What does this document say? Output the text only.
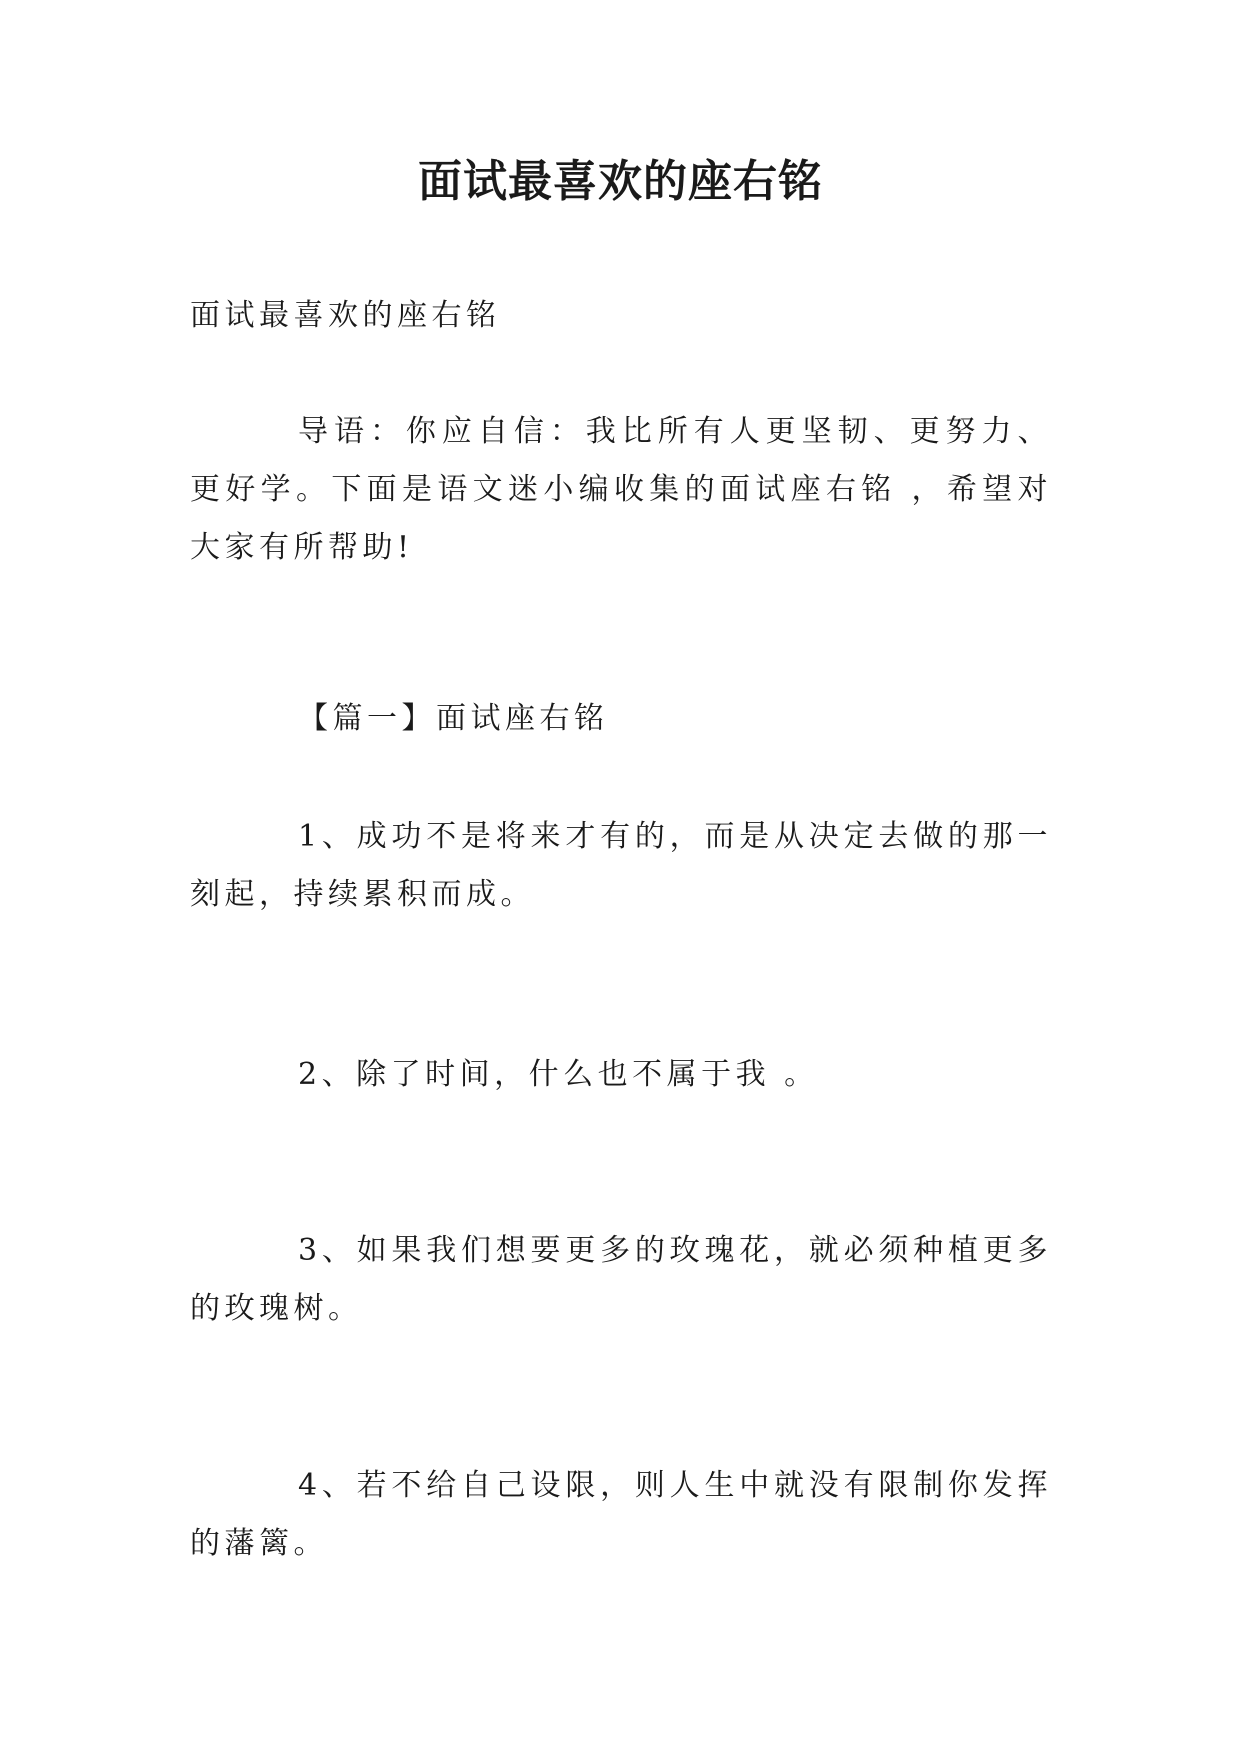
面试最喜欢的座右铭

面试最喜欢的座右铭

导语：你应自信：我比所有人更坚韧、更努力、更好学。下面是语文迷小编收集的面试座右铭 ，希望对大家有所帮助!

【篇一】面试座右铭

1、成功不是将来才有的，而是从决定去做的那一刻起，持续累积而成。

2、除了时间，什么也不属于我 。

3、如果我们想要更多的玫瑰花，就必须种植更多的玫瑰树。

4、若不给自己设限，则人生中就没有限制你发挥的藩篱。
